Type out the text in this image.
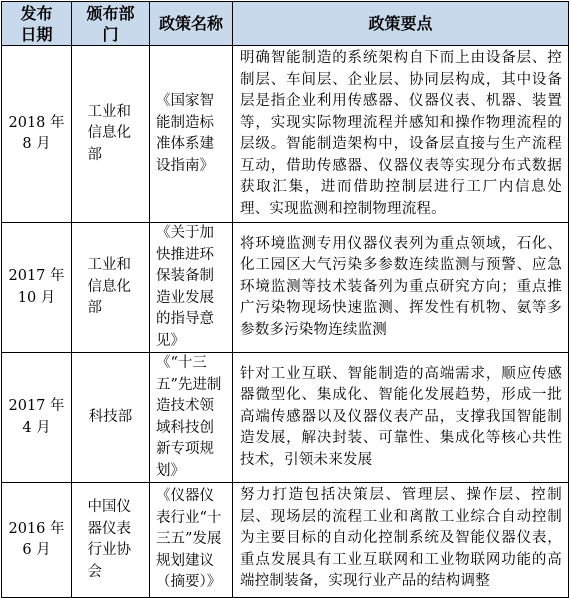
发布日期	颁布部门	政策名称	政策要点
2018 年 8 月	工业和信息化部	《国家智能制造标准体系建设指南》	明确智能制造的系统架构自下而上由设备层、控制层、车间层、企业层、协同层构成，其中设备层是指企业利用传感器、仪器仪表、机器、装置等，实现实际物理流程并感知和操作物理流程的层级。智能制造架构中，设备层直接与生产流程互动，借助传感器、仪器仪表等实现分布式数据获取汇集，进而借助控制层进行工厂内信息处理、实现监测和控制物理流程。
2017 年 10 月	工业和信息化部	《关于加快推进环保装备制造业发展的指导意见》	将环境监测专用仪器仪表列为重点领域，石化、化工园区大气污染多参数连续监测与预警、应急环境监测等技术装备列为重点研究方向；重点推广污染物现场快速监测、挥发性有机物、氨等多参数多污染物连续监测
2017 年 4 月	科技部	《“十三五”先进制造技术领域科技创新专项规划》	针对工业互联、智能制造的高端需求，顺应传感器微型化、集成化、智能化发展趋势，形成一批高端传感器以及仪器仪表产品，支撑我国智能制造发展，解决封装、可靠性、集成化等核心共性技术，引领未来发展
2016 年 6 月	中国仪器仪表行业协会	《仪器仪表行业“十三五”发展规划建议（摘要）》	努力打造包括决策层、管理层、操作层、控制层、现场层的流程工业和离散工业综合自动控制为主要目标的自动化控制系统及智能仪器仪表，重点发展具有工业互联网和工业物联网功能的高端控制装备，实现行业产品的结构调整
